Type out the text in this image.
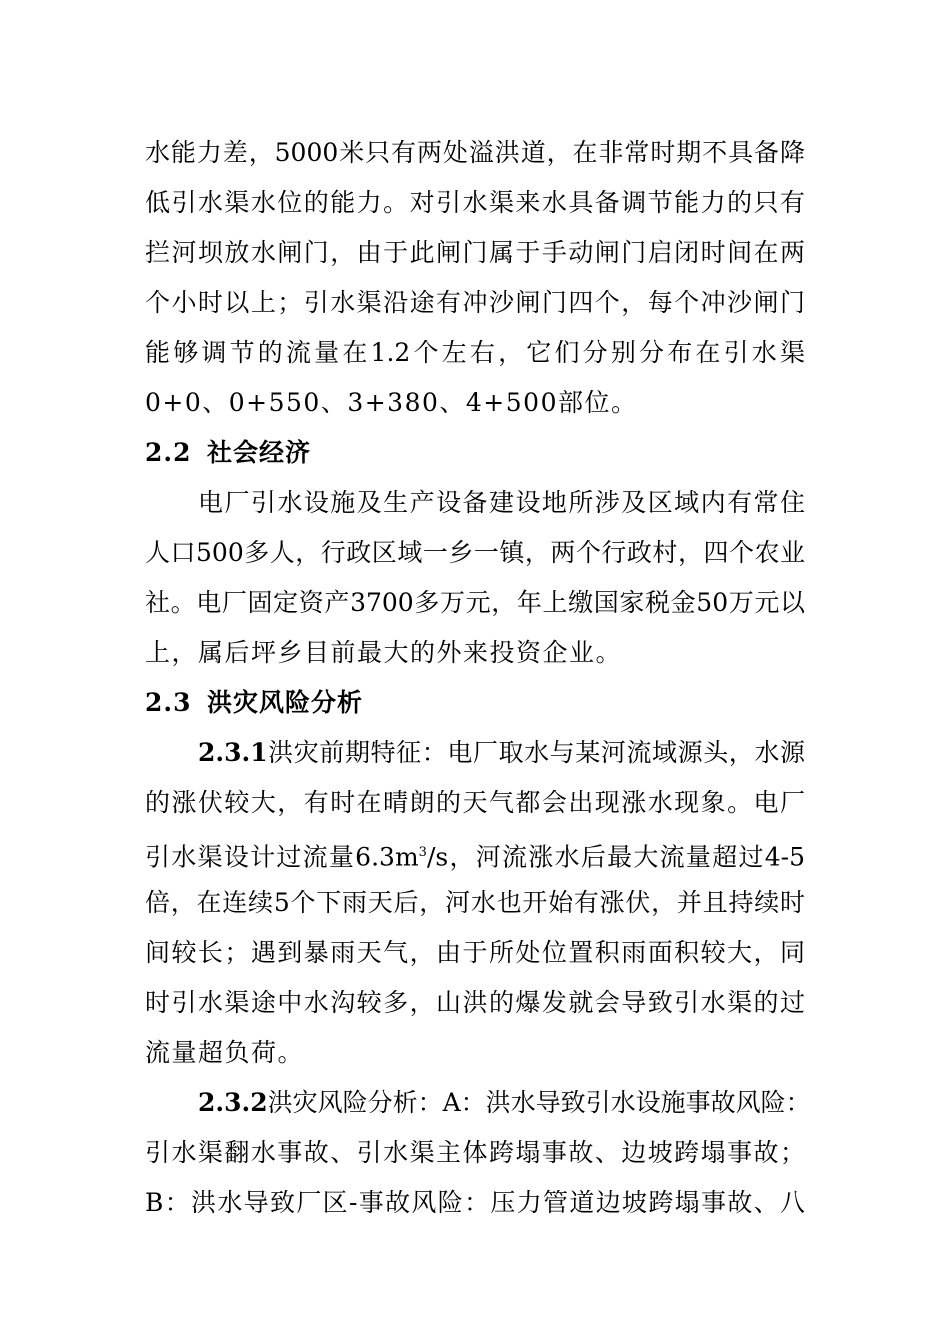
水能力差，5000米只有两处溢洪道，在非常时期不具备降
低引水渠水位的能力。对引水渠来水具备调节能力的只有
拦河坝放水闸门，由于此闸门属于手动闸门启闭时间在两
个小时以上；引水渠沿途有冲沙闸门四个，每个冲沙闸门
能够调节的流量在1.2个左右，它们分别分布在引水渠
0+0、0+550、3+380、4+500部位。
2.2 社会经济
电厂引水设施及生产设备建设地所涉及区域内有常住
人口500多人，行政区域一乡一镇，两个行政村，四个农业
社。电厂固定资产3700多万元，年上缴国家税金50万元以
上，属后坪乡目前最大的外来投资企业。
2.3 洪灾风险分析
2.3.1洪灾前期特征：电厂取水与某河流域源头，水源
的涨伏较大，有时在晴朗的天气都会出现涨水现象。电厂
引水渠设计过流量$6.3m^3/s$，河流涨水后最大流量超过4-5
倍，在连续5个下雨天后，河水也开始有涨伏，并且持续时
间较长；遇到暴雨天气，由于所处位置积雨面积较大，同
时引水渠途中水沟较多，山洪的爆发就会导致引水渠的过
流量超负荷。
2.3.2洪灾风险分析：A：洪水导致引水设施事故风险：
引水渠翻水事故、引水渠主体跨塌事故、边坡跨塌事故；
B：洪水导致厂区-事故风险：压力管道边坡跨塌事故、八
